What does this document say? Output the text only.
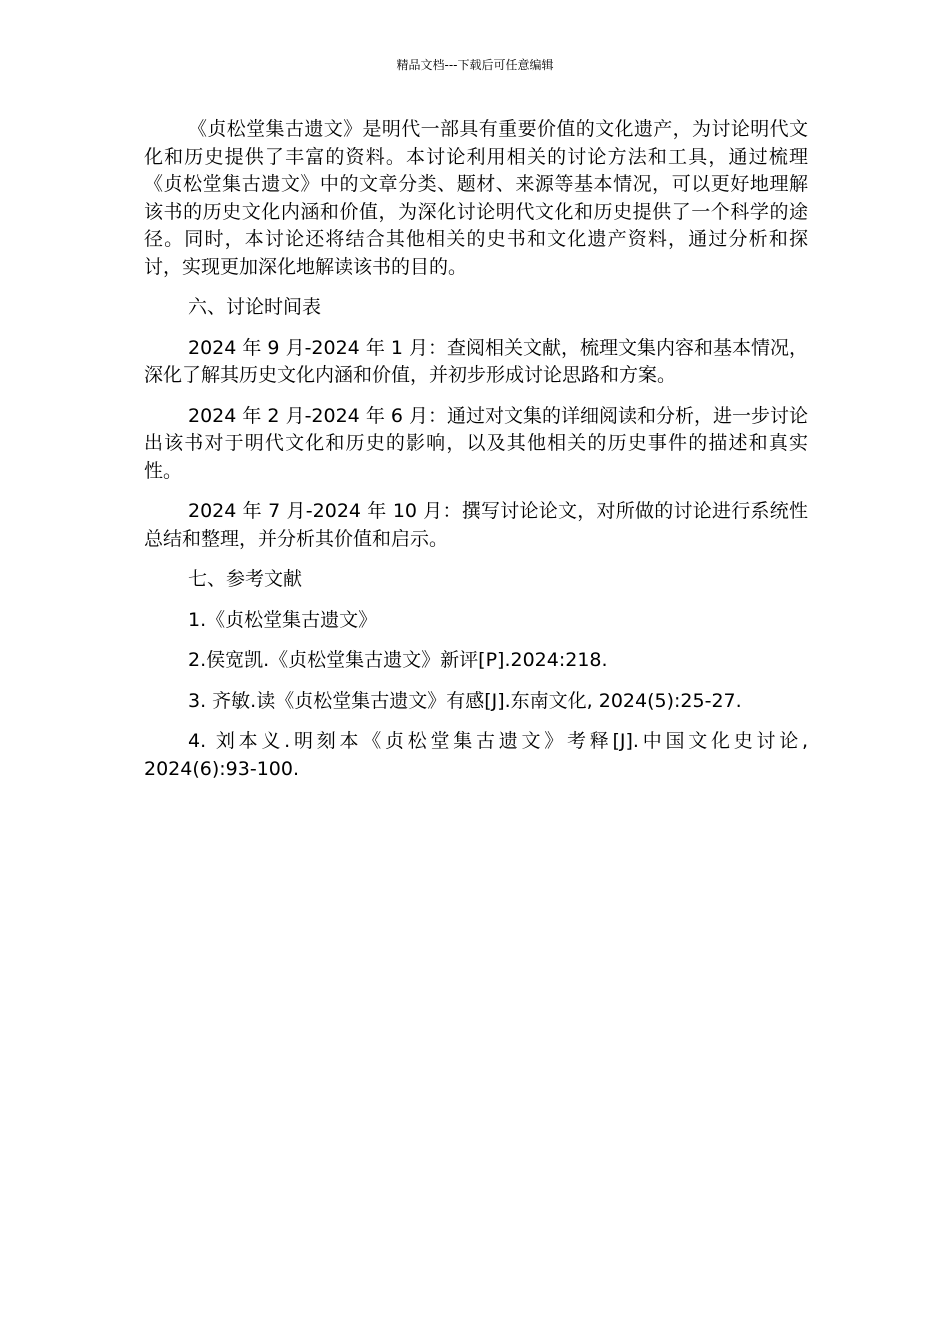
精品文档---下载后可任意编辑

《贞松堂集古遗文》是明代一部具有重要价值的文化遗产，为讨论明代文化和历史提供了丰富的资料。本讨论利用相关的讨论方法和工具，通过梳理《贞松堂集古遗文》中的文章分类、题材、来源等基本情况，可以更好地理解该书的历史文化内涵和价值，为深化讨论明代文化和历史提供了一个科学的途径。同时，本讨论还将结合其他相关的史书和文化遗产资料，通过分析和探讨，实现更加深化地解读该书的目的。

六、讨论时间表

2024 年 9 月-2024 年 1 月：查阅相关文献，梳理文集内容和基本情况，深化了解其历史文化内涵和价值，并初步形成讨论思路和方案。

2024 年 2 月-2024 年 6 月：通过对文集的详细阅读和分析，进一步讨论出该书对于明代文化和历史的影响，以及其他相关的历史事件的描述和真实性。

2024 年 7 月-2024 年 10 月：撰写讨论论文，对所做的讨论进行系统性总结和整理，并分析其价值和启示。

七、参考文献

1.《贞松堂集古遗文》

2.侯宽凯.《贞松堂集古遗文》新评[P].2024:218.

3. 齐敏.读《贞松堂集古遗文》有感[J].东南文化, 2024(5):25-27.

4. 刘本义.明刻本《贞松堂集古遗文》考释[J].中国文化史讨论, 2024(6):93-100.
